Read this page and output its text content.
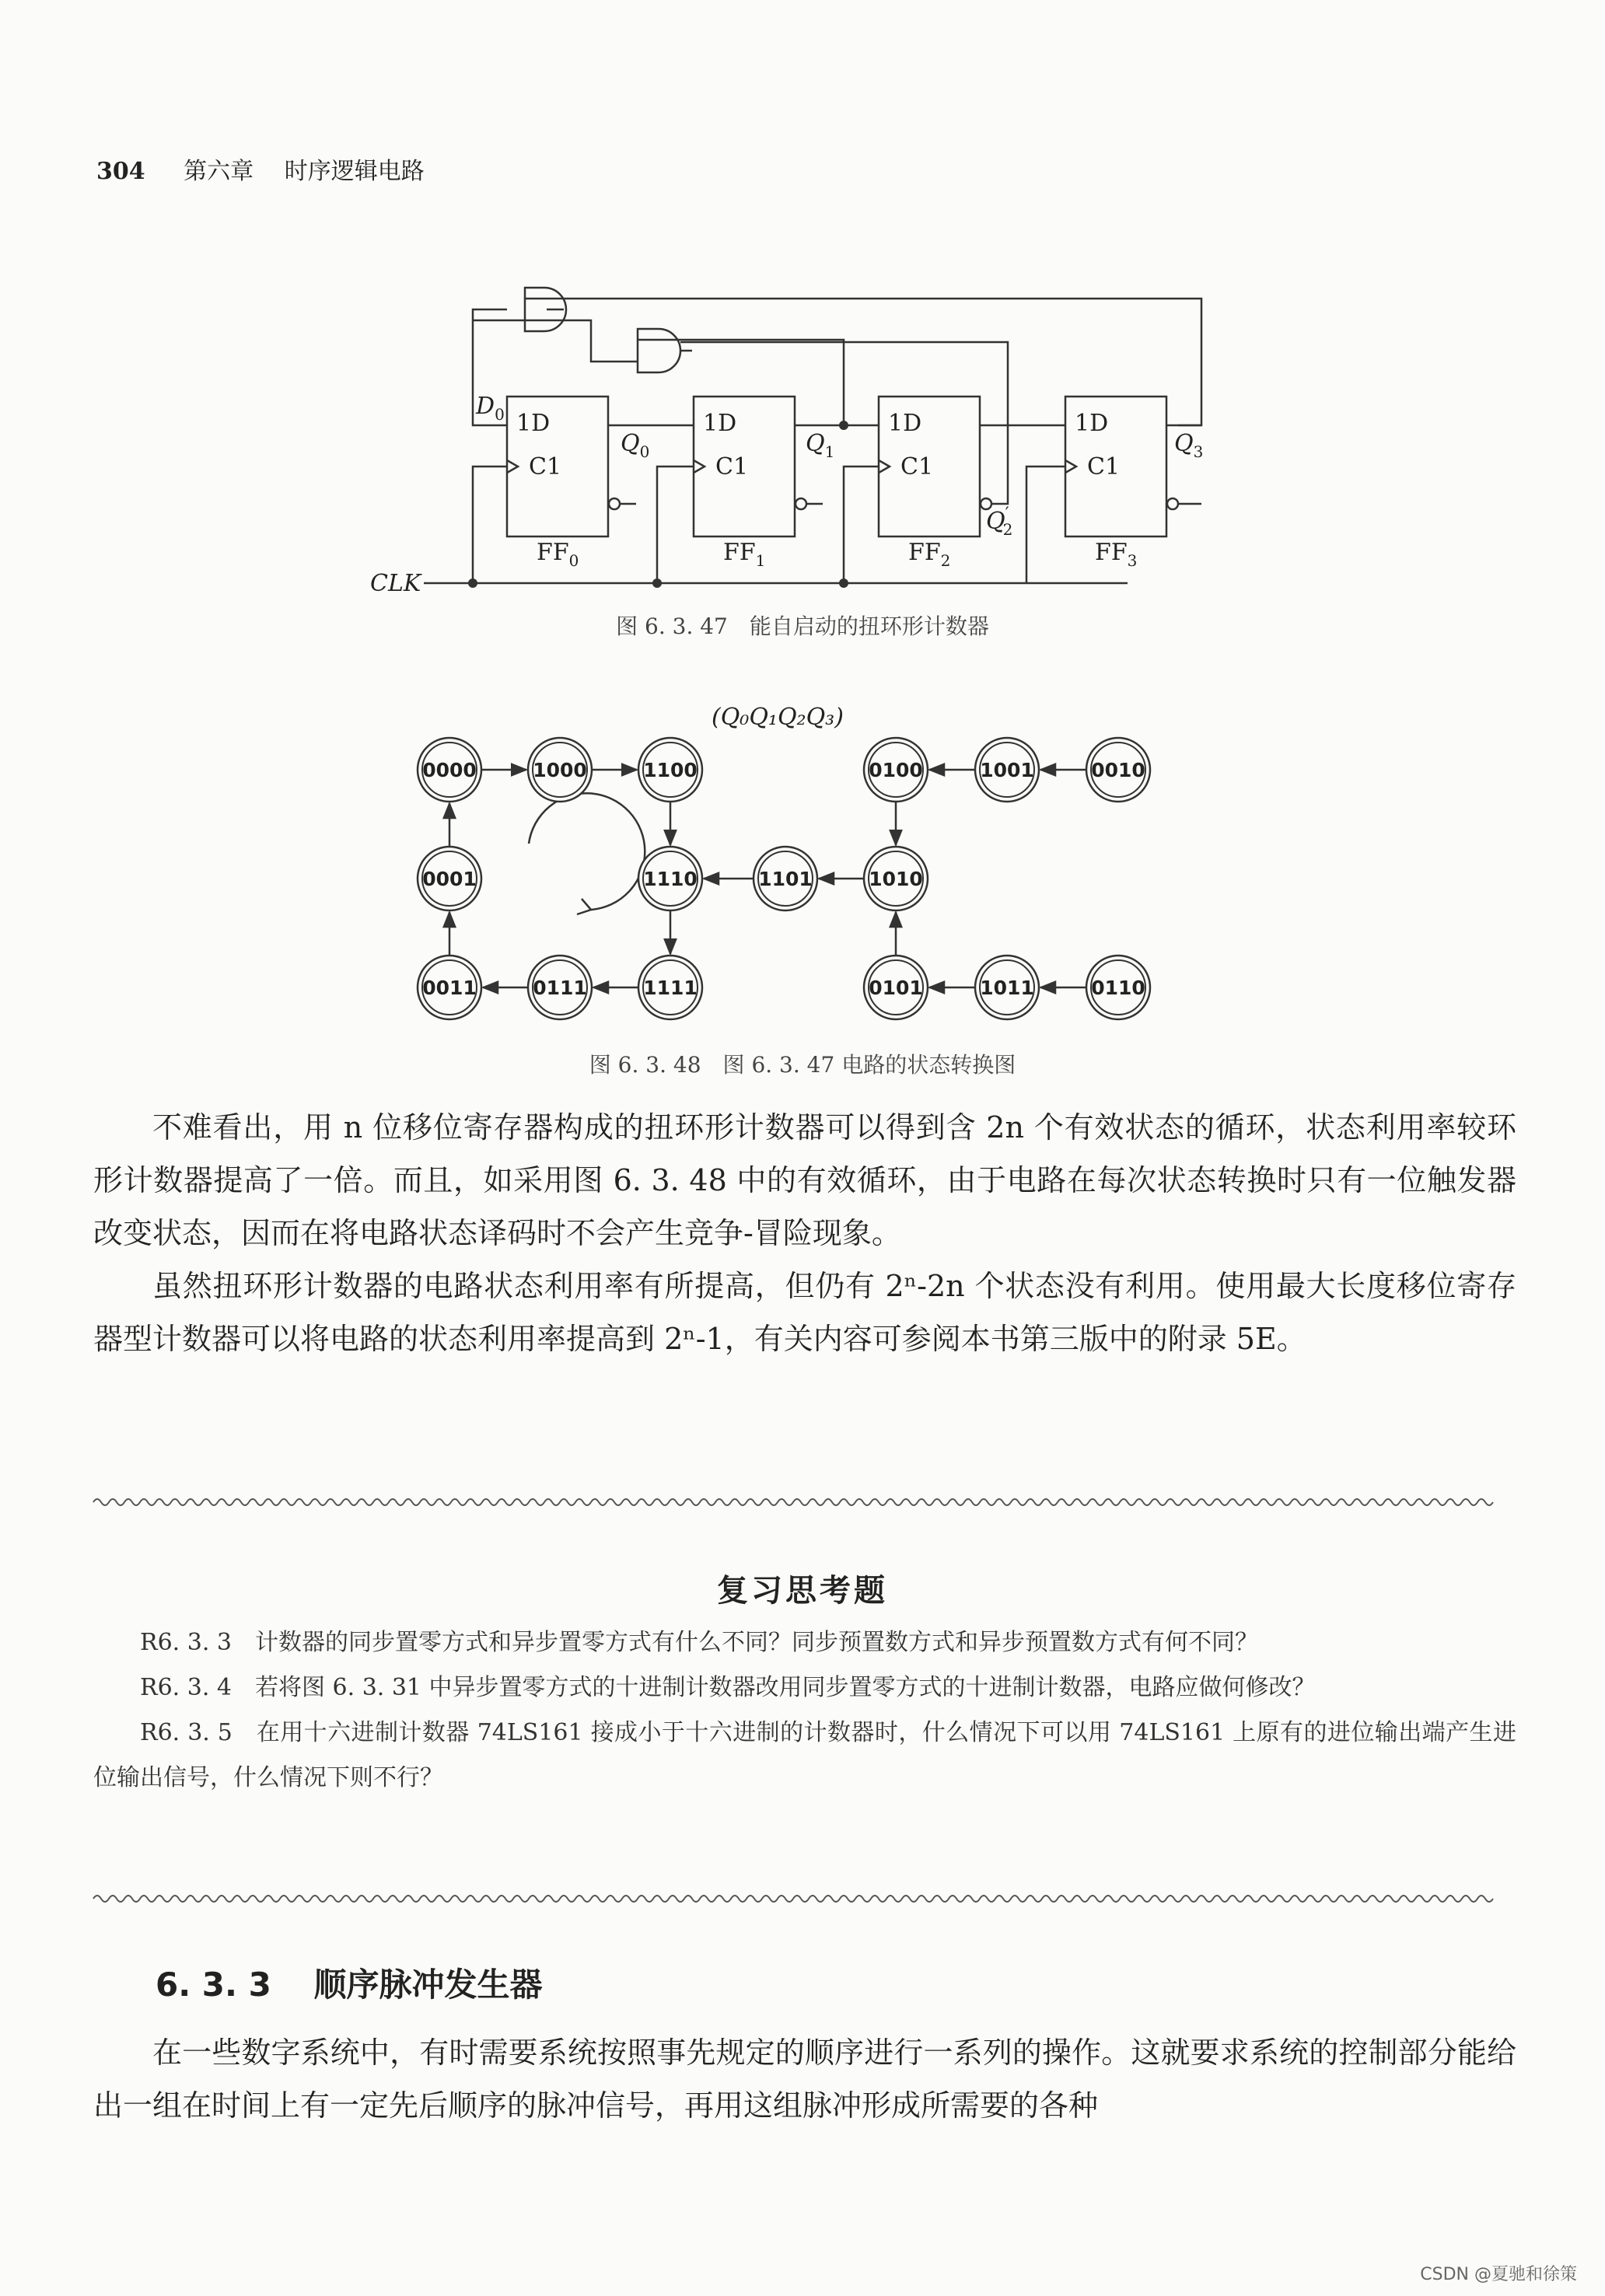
304 第六章 时序逻辑电路
1D	1D	1D	1D
C1	C1	C1	C1
$FF_0$	$FF_1$	$FF_2$	$FF_3$
$Q_0$	$Q_1$	$Q_3$
$D_0$
Q′ 2
CLK
图 6. 3. 47　能自启动的扭环形计数器
(Q₀Q₁Q₂Q₃)
0000	1000	1100	0100	1001	0010
0001	1110	1101	1010
0011	0111	1111	0101	1011	0110
图 6. 3. 48　图 6. 3. 47 电路的状态转换图

不难看出，用 n 位移位寄存器构成的扭环形计数器可以得到含 2n 个有效状态的循环，状态利用率较环形计数器提高了一倍。而且，如采用图 6. 3. 48 中的有效循环，由于电路在每次状态转换时只有一位触发器改变状态，因而在将电路状态译码时不会产生竞争-冒险现象。

虽然扭环形计数器的电路状态利用率有所提高，但仍有 2ⁿ-2n 个状态没有利用。使用最大长度移位寄存器型计数器可以将电路的状态利用率提高到 2ⁿ-1，有关内容可参阅本书第三版中的附录 5E。

复习思考题

R6. 3. 3　计数器的同步置零方式和异步置零方式有什么不同？同步预置数方式和异步预置数方式有何不同？

R6. 3. 4　若将图 6. 3. 31 中异步置零方式的十进制计数器改用同步置零方式的十进制计数器，电路应做何修改？

R6. 3. 5　在用十六进制计数器 74LS161 接成小于十六进制的计数器时，什么情况下可以用 74LS161 上原有的进位输出端产生进位输出信号，什么情况下则不行？

6. 3. 3 顺序脉冲发生器

在一些数字系统中，有时需要系统按照事先规定的顺序进行一系列的操作。这就要求系统的控制部分能给出一组在时间上有一定先后顺序的脉冲信号，再用这组脉冲形成所需要的各种

CSDN @夏驰和徐策
